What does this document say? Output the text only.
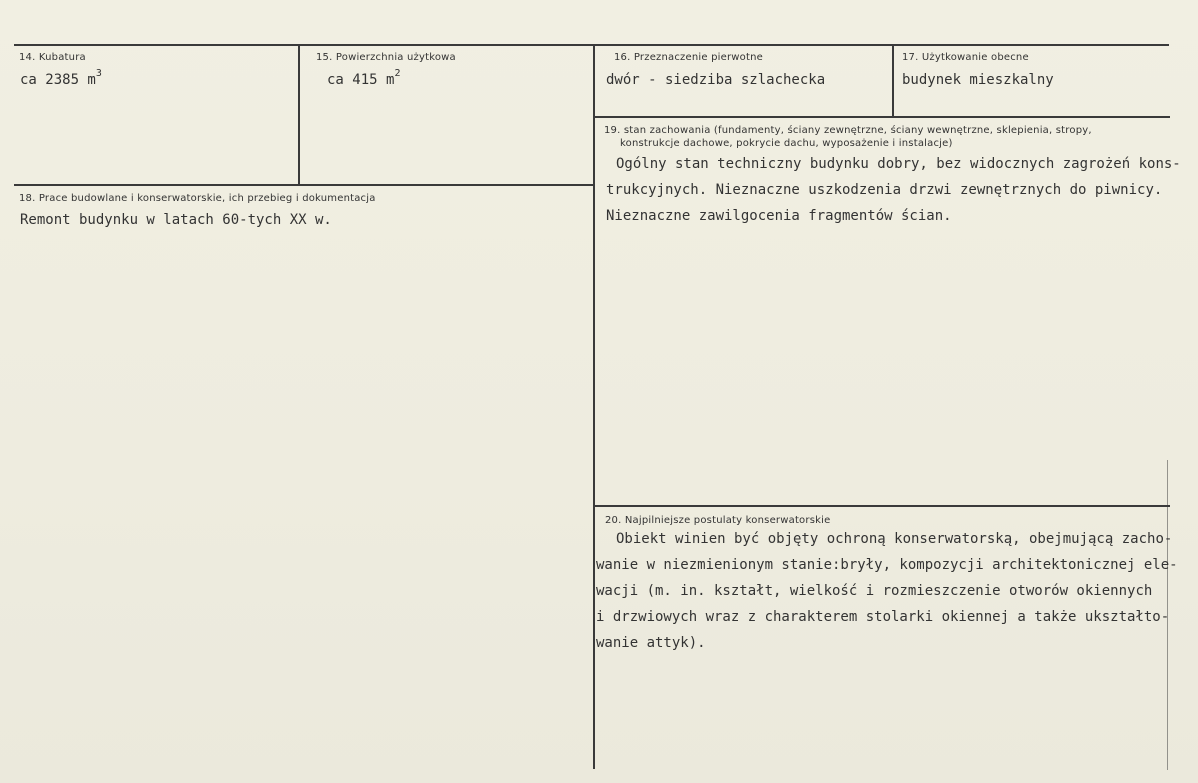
14. Kubatura
ca 2385 $m^3$
15. Powierzchnia użytkowa
ca 415 $m^2$
16. Przeznaczenie pierwotne
dwór - siedziba szlachecka
17. Użytkowanie obecne
budynek mieszkalny
18. Prace budowlane i konserwatorskie, ich przebieg i dokumentacja
Remont budynku w latach 60-tych XX w.
19. stan zachowania (fundamenty, ściany zewnętrzne, ściany wewnętrzne, sklepienia, stropy,
konstrukcje dachowe, pokrycie dachu, wyposażenie i instalacje)
Ogólny stan techniczny budynku dobry, bez widocznych zagrożeń kons-
trukcyjnych. Nieznaczne uszkodzenia drzwi zewnętrznych do piwnicy.
Nieznaczne zawilgocenia fragmentów ścian.
20. Najpilniejsze postulaty konserwatorskie
Obiekt winien być objęty ochroną konserwatorską, obejmującą zacho-
wanie w niezmienionym stanie:bryły, kompozycji architektonicznej ele-
wacji (m. in. kształt, wielkość i rozmieszczenie otworów okiennych
i drzwiowych wraz z charakterem stolarki okiennej a także ukształto-
wanie attyk).
